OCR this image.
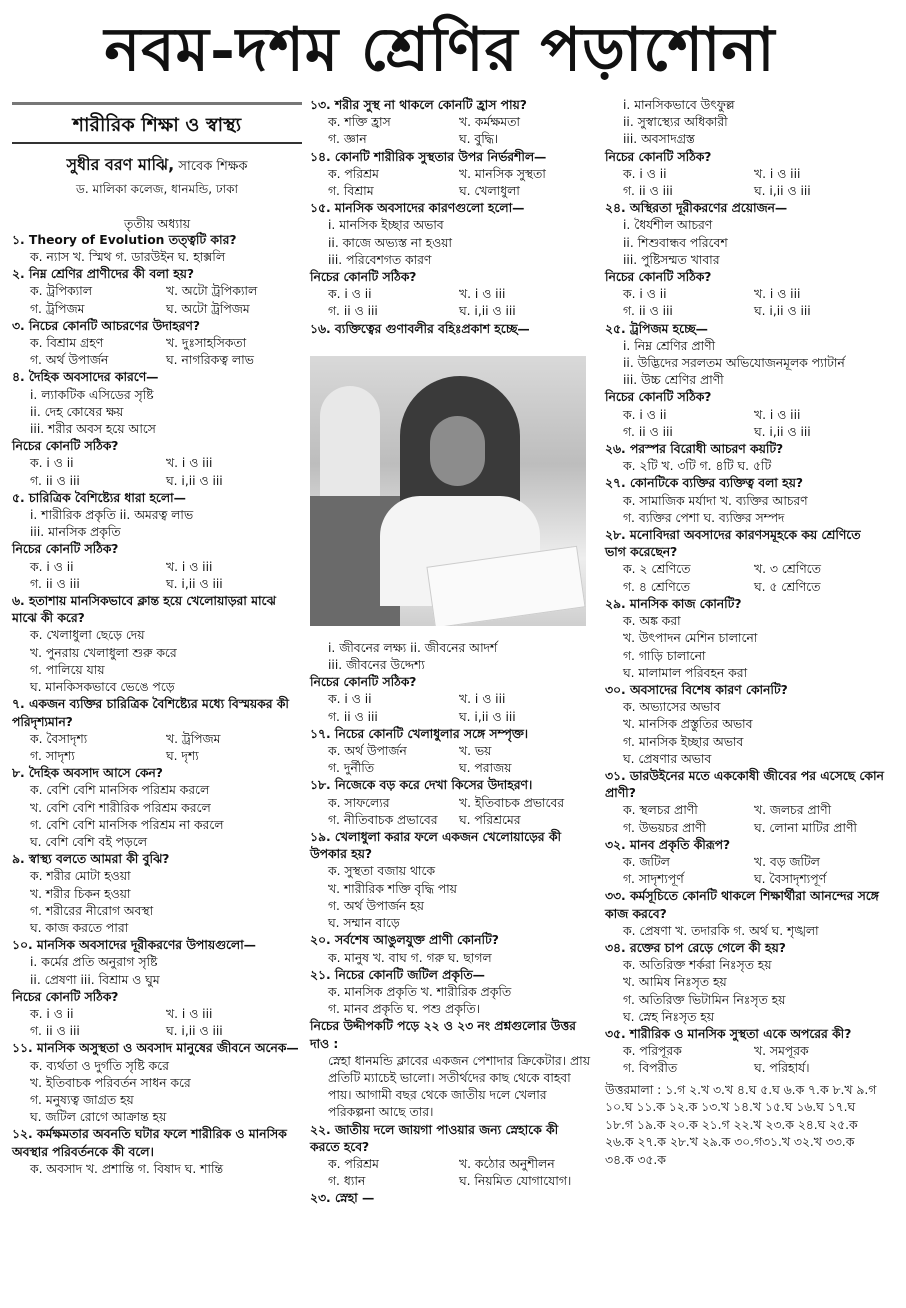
নবম-দশম শ্রেণির পড়াশোনা
শারীরিক শিক্ষা ও স্বাস্থ্য
সুধীর বরণ মাঝি, সাবেক শিক্ষক
ড. মালিকা কলেজ, ধানমন্ডি, ঢাকা
তৃতীয় অধ্যায়
১. Theory of Evolution তত্ত্বটি কার?
ক. ন্যাস খ. স্মিথ গ. ডারউইন ঘ. হাক্সলি
২. নিম্ন শ্রেণির প্রাণীদের কী বলা হয়?
ক. ট্রপিক্যাল	খ. অটো ট্রপিক্যাল
গ. ট্রপিজম	ঘ. অটো ট্রপিজম
৩. নিচের কোনটি আচরণের উদাহরণ?
ক. বিশ্রাম গ্রহণ	খ. দুঃসাহসিকতা
গ. অর্থ উপার্জন	ঘ. নাগরিকত্ব লাভ
৪. দৈহিক অবসাদের কারণে—
i. ল্যাকটিক এসিডের সৃষ্টি
ii. দেহ কোষের ক্ষয়
iii. শরীর অবস হয়ে আসে
নিচের কোনটি সঠিক?
ক. i ও ii	খ. i ও iii
গ. ii ও iii	ঘ. i,ii ও iii
৫. চারিত্রিক বৈশিষ্ট্যের ধারা হলো—
i. শারীরিক প্রকৃতি ii. অমরত্ব লাভ
iii. মানসিক প্রকৃতি
নিচের কোনটি সঠিক?
ক. i ও ii	খ. i ও iii
গ. ii ও iii	ঘ. i,ii ও iii
৬. হতাশায় মানসিকভাবে ক্লান্ত হয়ে খেলোয়াড়রা মাঝে মাঝে কী করে?
ক. খেলাধুলা ছেড়ে দেয়
খ. পুনরায় খেলাধুলা শুরু করে
গ. পালিয়ে যায়
ঘ. মানকিসকভাবে ভেঙে পড়ে
৭. একজন ব্যক্তির চারিত্রিক বৈশিষ্ট্যের মধ্যে বিস্ময়কর কী পরিদৃশ্যমান?
ক. বৈসাদৃশ্য	খ. ট্রপিজম
গ. সাদৃশ্য	ঘ. দৃশ্য
৮. দৈহিক অবসাদ আসে কেন?
ক. বেশি বেশি মানসিক পরিশ্রম করলে
খ. বেশি বেশি শারীরিক পরিশ্রম করলে
গ. বেশি বেশি মানসিক পরিশ্রম না করলে
ঘ. বেশি বেশি বই পড়লে
৯. স্বাস্থ্য বলতে আমরা কী বুঝি?
ক. শরীর মোটা হওয়া
খ. শরীর চিকন হওয়া
গ. শরীরের নীরোগ অবস্থা
ঘ. কাজ করতে পারা
১০. মানসিক অবসাদের দূরীকরণের উপায়গুলো—
i. কর্মের প্রতি অনুরাগ সৃষ্টি
ii. প্রেষণা iii. বিশ্রাম ও ঘুম
নিচের কোনটি সঠিক?
ক. i ও ii	খ. i ও iii
গ. ii ও iii	ঘ. i,ii ও iii
১১. মানসিক অসুস্থতা ও অবসাদ মানুষের জীবনে অনেক—
ক. ব্যর্থতা ও দুর্গতি সৃষ্টি করে
খ. ইতিবাচক পরিবর্তন সাধন করে
গ. মনুষ্যত্ব জাগ্রত হয়
ঘ. জটিল রোগে আক্রান্ত হয়
১২. কর্মক্ষমতার অবনতি ঘটার ফলে শারীরিক ও মানসিক অবস্থার পরিবর্তনকে কী বলে।
ক. অবসাদ খ. প্রশান্তি গ. বিষাদ ঘ. শান্তি
১৩. শরীর সুস্থ না থাকলে কোনটি হ্রাস পায়?
ক. শক্তি হ্রাস	খ. কর্মক্ষমতা
গ. জ্ঞান	ঘ. বুদ্ধি।
১৪. কোনটি শারীরিক সুস্থতার উপর নির্ভরশীল—
ক. পরিশ্রম	খ. মানসিক সুস্থতা
গ. বিশ্রাম	ঘ. খেলাধুলা
১৫. মানসিক অবসাদের কারণগুলো হলো—
i. মানসিক ইচ্ছার অভাব
ii. কাজে অভ্যস্ত না হওয়া
iii. পরিবেশগত কারণ
নিচের কোনটি সঠিক?
ক. i ও ii	খ. i ও iii
গ. ii ও iii	ঘ. i,ii ও iii
১৬. ব্যক্তিত্বের গুণাবলীর বহিঃপ্রকাশ হচ্ছে—
i. জীবনের লক্ষ্য ii. জীবনের আদর্শ
iii. জীবনের উদ্দেশ্য
নিচের কোনটি সঠিক?
ক. i ও ii	খ. i ও iii
গ. ii ও iii	ঘ. i,ii ও iii
১৭. নিচের কোনটি খেলাধুলার সঙ্গে সম্পৃক্ত।
ক. অর্থ উপার্জন	খ. ভয়
গ. দুর্নীতি	ঘ. পরাজয়
১৮. নিজেকে বড় করে দেখা কিসের উদাহরণ।
ক. সাফল্যের	খ. ইতিবাচক প্রভাবের
গ. নীতিবাচক প্রভাবের	ঘ. পরিশ্রমের
১৯. খেলাধুলা করার ফলে একজন খেলোয়াড়ের কী উপকার হয়?
ক. সুস্থতা বজায় থাকে
খ. শারীরিক শক্তি বৃদ্ধি পায়
গ. অর্থ উপার্জন হয়
ঘ. সম্মান বাড়ে
২০. সর্বশেষ আঙুলযুক্ত প্রাণী কোনটি?
ক. মানুষ খ. বাঘ গ. গরু ঘ. ছাগল
২১. নিচের কোনটি জটিল প্রকৃতি—
ক. মানসিক প্রকৃতি খ. শারীরিক প্রকৃতি
গ. মানব প্রকৃতি ঘ. পশু প্রকৃতি।
নিচের উদ্দীপকটি পড়ে ২২ ও ২৩ নং প্রশ্নগুলোর উত্তর দাও :
স্নেহা ধানমন্ডি ক্লাবের একজন পেশাদার ক্রিকেটার। প্রায় প্রতিটি ম্যাচেই ভালো। সতীর্থদের কাছ থেকে বাহবা পায়। আগামী বছর থেকে জাতীয় দলে খেলার পরিকল্পনা আছে তার।
২২. জাতীয় দলে জায়গা পাওয়ার জন্য স্নেহাকে কী করতে হবে?
ক. পরিশ্রম	খ. কঠোর অনুশীলন
গ. ধ্যান	ঘ. নিয়মিত যোগাযোগ।
২৩. স্নেহা —
i. মানসিকভাবে উৎফুল্ল
ii. সুস্বাস্থ্যের অধিকারী
iii. অবসাদগ্রস্ত
নিচের কোনটি সঠিক?
ক. i ও ii	খ. i ও iii
গ. ii ও iii	ঘ. i,ii ও iii
২৪. অস্থিরতা দূরীকরণের প্রয়োজন—
i. ধৈর্যশীল আচরণ
ii. শিশুবান্ধব পরিবেশ
iii. পুষ্টিসম্মত খাবার
নিচের কোনটি সঠিক?
ক. i ও ii	খ. i ও iii
গ. ii ও iii	ঘ. i,ii ও iii
২৫. ট্রপিজম হচ্ছে—
i. নিম্ন শ্রেণির প্রাণী
ii. উদ্ভিদের সরলতম অভিযোজনমূলক প্যাটার্ন
iii. উচ্চ শ্রেণির প্রাণী
নিচের কোনটি সঠিক?
ক. i ও ii	খ. i ও iii
গ. ii ও iii	ঘ. i,ii ও iii
২৬. পরস্পর বিরোধী আচরণ কয়টি?
ক. ২টি খ. ৩টি গ. ৪টি ঘ. ৫টি
২৭. কোনটিকে ব্যক্তির ব্যক্তিত্ব বলা হয়?
ক. সামাজিক মর্যাদা খ. ব্যক্তির আচরণ
গ. ব্যক্তির পেশা ঘ. ব্যক্তির সম্পদ
২৮. মনোবিদরা অবসাদের কারণসমূহকে কয় শ্রেণিতে ভাগ করেছেন?
ক. ২ শ্রেণিতে	খ. ৩ শ্রেণিতে
গ. ৪ শ্রেণিতে	ঘ. ৫ শ্রেণিতে
২৯. মানসিক কাজ কোনটি?
ক. অঙ্ক করা
খ. উৎপাদন মেশিন চালানো
গ. গাড়ি চালানো
ঘ. মালামাল পরিবহন করা
৩০. অবসাদের বিশেষ কারণ কোনটি?
ক. অভ্যাসের অভাব
খ. মানসিক প্রস্তুতির অভাব
গ. মানসিক ইচ্ছার অভাব
ঘ. প্রেষণার অভাব
৩১. ডারউইনের মতে এককোষী জীবের পর এসেছে কোন প্রাণী?
ক. স্থলচর প্রাণী	খ. জলচর প্রাণী
গ. উভয়চর প্রাণী	ঘ. লোনা মাটির প্রাণী
৩২. মানব প্রকৃতি কীরূপ?
ক. জটিল	খ. বড় জটিল
গ. সাদৃশ্যপূর্ণ	ঘ. বৈসাদৃশ্যপূর্ণ
৩৩. কর্মসূচিতে কোনটি থাকলে শিক্ষার্থীরা আনন্দের সঙ্গে কাজ করবে?
ক. প্রেষণা খ. তদারকি গ. অর্থ ঘ. শৃঙ্খলা
৩৪. রক্তের চাপ রেড়ে গেলে কী হয়?
ক. অতিরিক্ত শর্করা নিঃসৃত হয়
খ. আমিষ নিঃসৃত হয়
গ. অতিরিক্ত ভিটামিন নিঃসৃত হয়
ঘ. স্নেহ নিঃসৃত হয়
৩৫. শারীরিক ও মানসিক সুস্থতা একে অপরের কী?
ক. পরিপূরক	খ. সমপূরক
গ. বিপরীত	ঘ. পরিহার্য।
উত্তরমালা : ১.গ ২.খ ৩.খ ৪.ঘ ৫.ঘ ৬.ক ৭.ক ৮.খ ৯.গ ১০.ঘ ১১.ক ১২.ক ১৩.খ ১৪.খ ১৫.ঘ ১৬.ঘ ১৭.ঘ ১৮.গ ১৯.ক ২০.ক ২১.গ ২২.খ ২৩.ক ২৪.ঘ ২৫.ক ২৬.ক ২৭.ক ২৮.খ ২৯.ক ৩০.গ৩১.খ ৩২.খ ৩৩.ক ৩৪.ক ৩৫.ক
